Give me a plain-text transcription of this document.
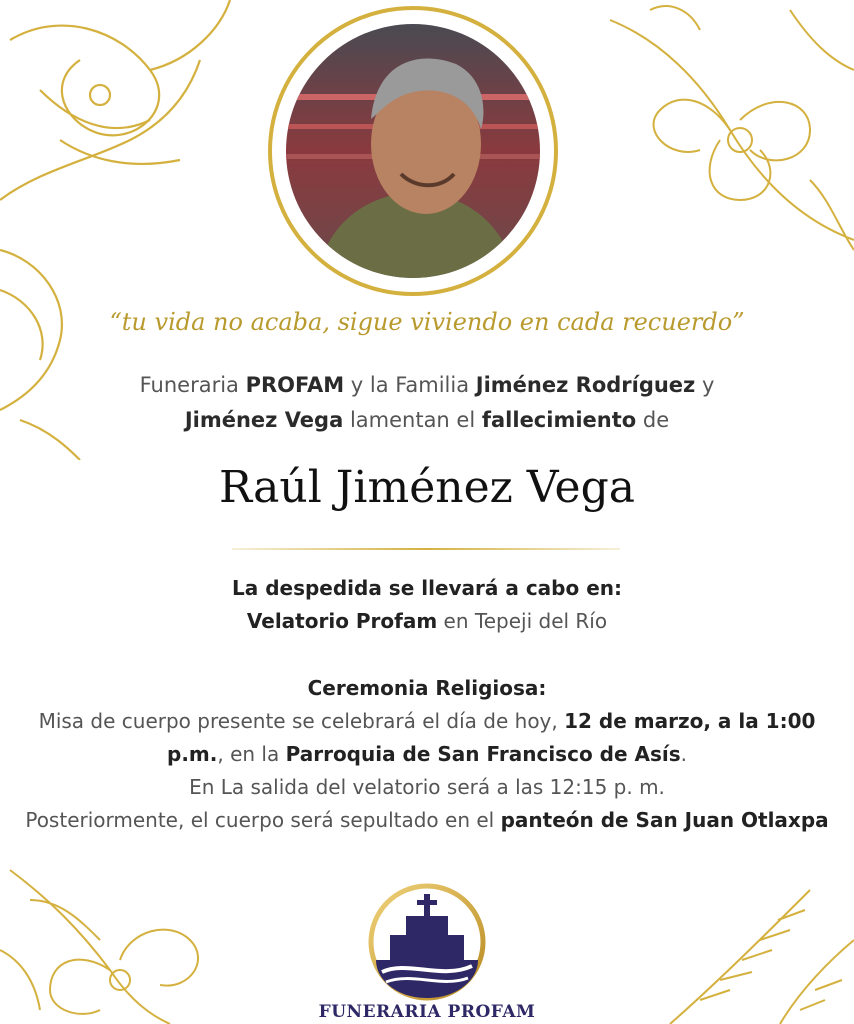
“tu vida no acaba, sigue viviendo en cada recuerdo”
Funeraria PROFAM y la Familia Jiménez Rodríguez y
Jiménez Vega lamentan el fallecimiento de
Raúl Jiménez Vega
La despedida se llevará a cabo en:
Velatorio Profam en Tepeji del Río
Ceremonia Religiosa:
Misa de cuerpo presente se celebrará el día de hoy, 12 de marzo, a la 1:00 p.m., en la Parroquia de San Francisco de Asís.
En La salida del velatorio será a las 12:15 p. m.
Posteriormente, el cuerpo será sepultado en el panteón de San Juan Otlaxpa
FUNERARIA PROFAM
